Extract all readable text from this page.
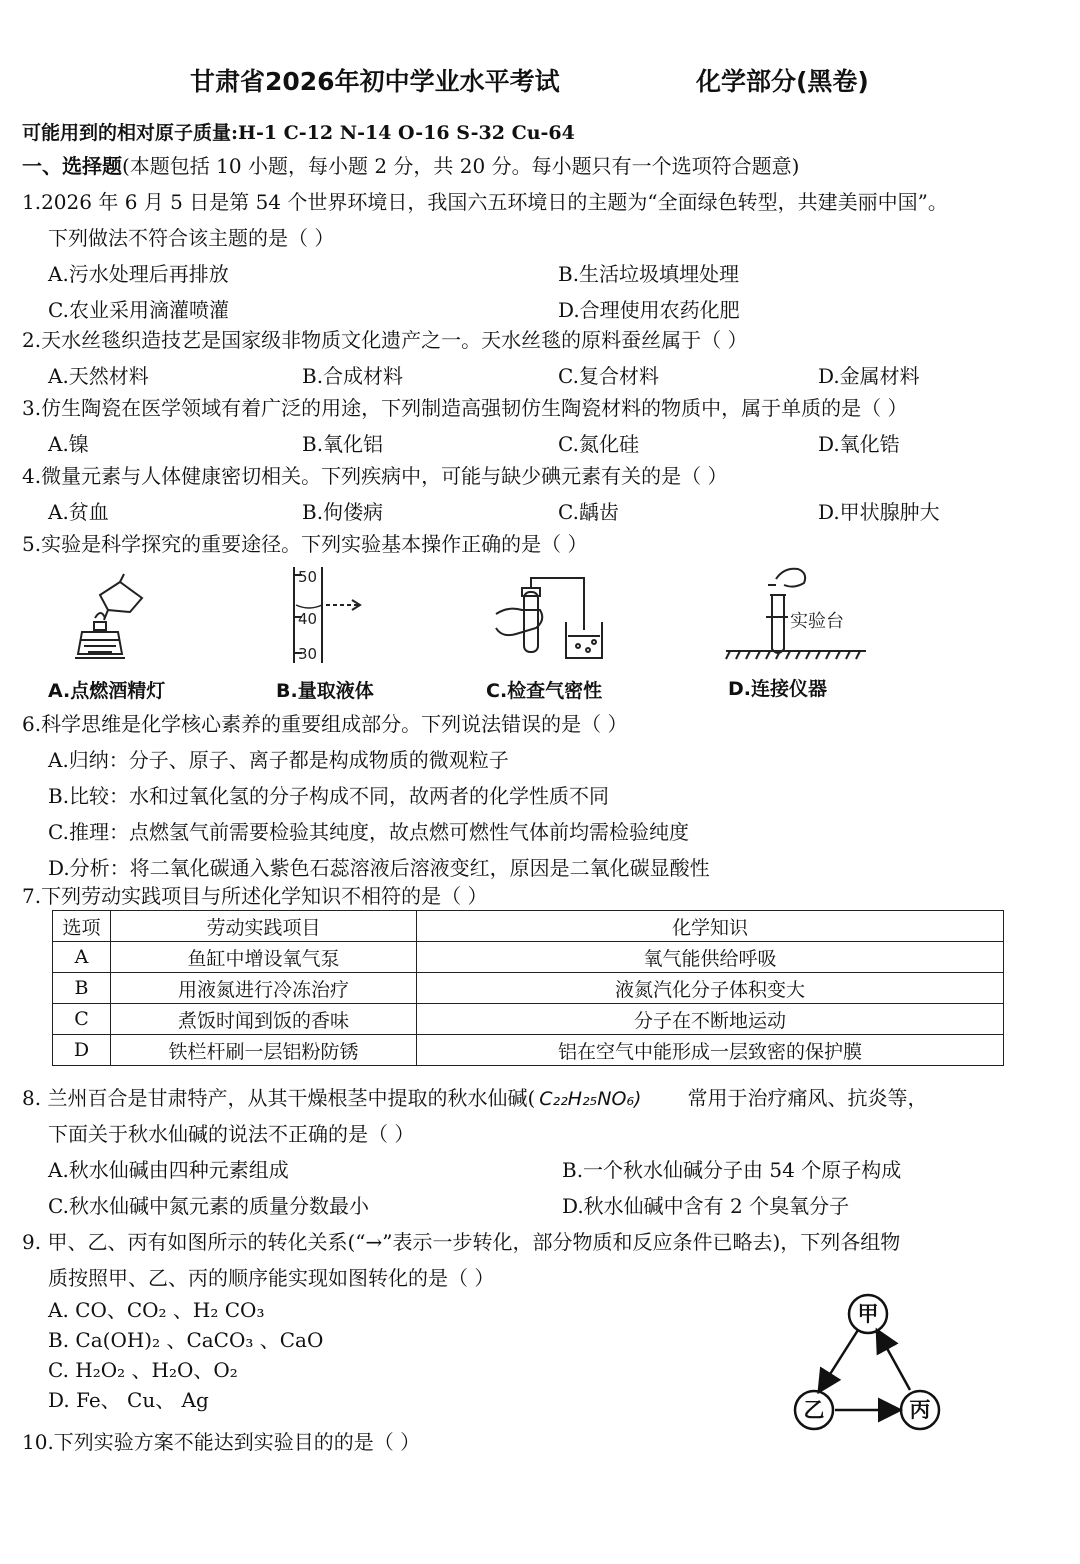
甘肃省2026年初中学业水平考试	化学部分(黑卷)
可能用到的相对原子质量:H-1 C-12 N-14 O-16 S-32 Cu-64
一、选择题(本题包括 10 小题，每小题 2 分，共 20 分。每小题只有一个选项符合题意)
1.2026 年 6 月 5 日是第 54 个世界环境日，我国六五环境日的主题为“全面绿色转型，共建美丽中国”。
下列做法不符合该主题的是（ ）
A.污水处理后再排放	B.生活垃圾填埋处理
C.农业采用滴灌喷灌	D.合理使用农药化肥
2.天水丝毯织造技艺是国家级非物质文化遗产之一。天水丝毯的原料蚕丝属于（ ）
A.天然材料	B.合成材料	C.复合材料	D.金属材料
3.仿生陶瓷在医学领域有着广泛的用途，下列制造高强韧仿生陶瓷材料的物质中，属于单质的是（ ）
A.镍	B.氧化铝	C.氮化硅	D.氧化锆
4.微量元素与人体健康密切相关。下列疾病中，可能与缺少碘元素有关的是（ ）
A.贫血	B.佝偻病	C.龋齿	D.甲状腺肿大
5.实验是科学探究的重要途径。下列实验基本操作正确的是（ ）
50
40
30
实验台
A.点燃酒精灯	B.量取液体	C.检查气密性	D.连接仪器
6.科学思维是化学核心素养的重要组成部分。下列说法错误的是（ ）
A.归纳：分子、原子、离子都是构成物质的微观粒子
B.比较：水和过氧化氢的分子构成不同，故两者的化学性质不同
C.推理：点燃氢气前需要检验其纯度，故点燃可燃性气体前均需检验纯度
D.分析：将二氧化碳通入紫色石蕊溶液后溶液变红，原因是二氧化碳显酸性
7.下列劳动实践项目与所述化学知识不相符的是（ ）
选项	劳动实践项目	化学知识
A	鱼缸中增设氧气泵	氧气能供给呼吸
B	用液氮进行冷冻治疗	液氮汽化分子体积变大
C	煮饭时闻到饭的香味	分子在不断地运动
D	铁栏杆刷一层铝粉防锈	铝在空气中能形成一层致密的保护膜
8. 兰州百合是甘肃特产，从其干燥根茎中提取的秋水仙碱( C₂₂H₂₅NO₆) 常用于治疗痛风、抗炎等，
下面关于秋水仙碱的说法不正确的是（ ）
A.秋水仙碱由四种元素组成	B.一个秋水仙碱分子由 54 个原子构成
C.秋水仙碱中氮元素的质量分数最小	D.秋水仙碱中含有 2 个臭氧分子
9. 甲、乙、丙有如图所示的转化关系(“→”表示一步转化，部分物质和反应条件已略去)，下列各组物
质按照甲、乙、丙的顺序能实现如图转化的是（ ）
A. CO、CO₂ 、H₂ CO₃
B. Ca(OH)₂ 、CaCO₃ 、CaO
C. H₂O₂ 、H₂O、O₂
D. Fe、 Cu、 Ag
甲
乙	丙
10.下列实验方案不能达到实验目的的是（ ）
